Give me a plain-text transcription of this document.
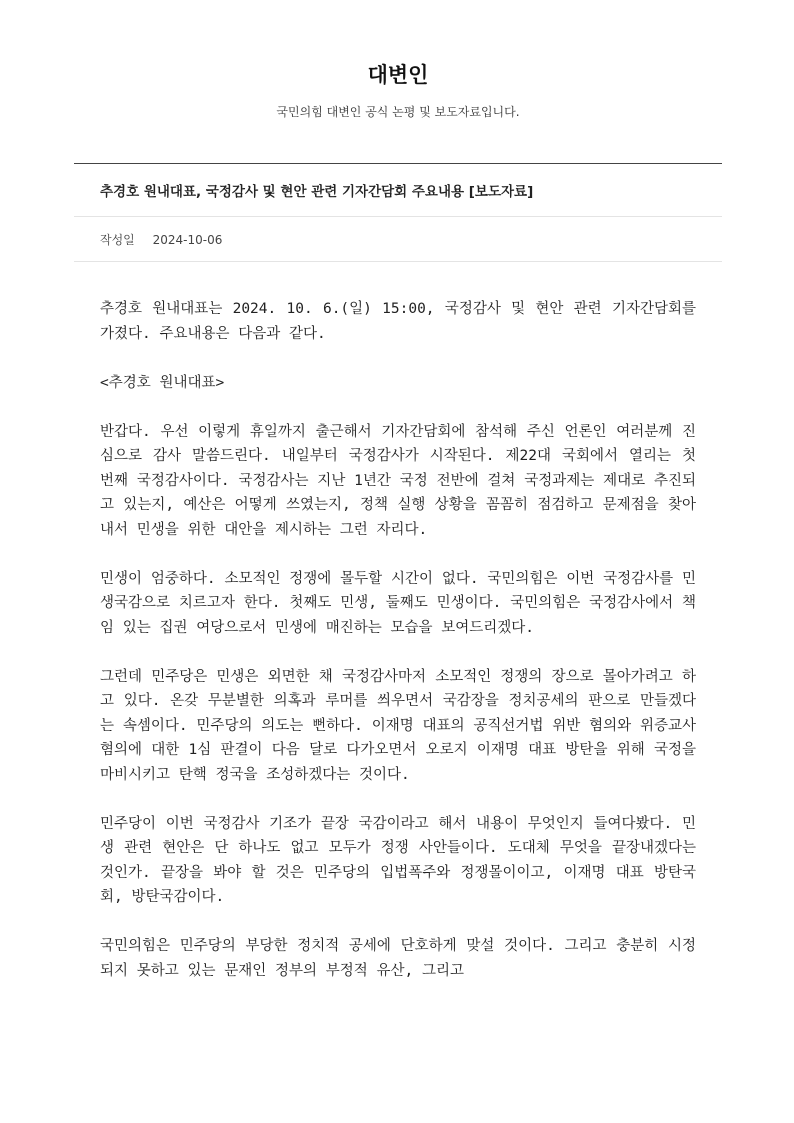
대변인
국민의힘 대변인 공식 논평 및 보도자료입니다.
추경호 원내대표, 국정감사 및 현안 관련 기자간담회 주요내용 [보도자료]
작성일 2024-10-06

추경호 원내대표는 2024. 10. 6.(일) 15:00, 국정감사 및 현안 관련 기자간담회를 가졌다. 주요내용은 다음과 같다.

<추경호 원내대표>

반갑다. 우선 이렇게 휴일까지 출근해서 기자간담회에 참석해 주신 언론인 여러분께 진심으로 감사 말씀드린다. 내일부터 국정감사가 시작된다. 제22대 국회에서 열리는 첫 번째 국정감사이다. 국정감사는 지난 1년간 국정 전반에 걸쳐 국정과제는 제대로 추진되고 있는지, 예산은 어떻게 쓰였는지, 정책 실행 상황을 꼼꼼히 점검하고 문제점을 찾아내서 민생을 위한 대안을 제시하는 그런 자리다.

민생이 엄중하다. 소모적인 정쟁에 몰두할 시간이 없다. 국민의힘은 이번 국정감사를 민생국감으로 치르고자 한다. 첫째도 민생, 둘째도 민생이다. 국민의힘은 국정감사에서 책임 있는 집권 여당으로서 민생에 매진하는 모습을 보여드리겠다.

그런데 민주당은 민생은 외면한 채 국정감사마저 소모적인 정쟁의 장으로 몰아가려고 하고 있다. 온갖 무분별한 의혹과 루머를 씌우면서 국감장을 정치공세의 판으로 만들겠다는 속셈이다. 민주당의 의도는 뻔하다. 이재명 대표의 공직선거법 위반 혐의와 위증교사 혐의에 대한 1심 판결이 다음 달로 다가오면서 오로지 이재명 대표 방탄을 위해 국정을 마비시키고 탄핵 정국을 조성하겠다는 것이다.

민주당이 이번 국정감사 기조가 끝장 국감이라고 해서 내용이 무엇인지 들여다봤다. 민생 관련 현안은 단 하나도 없고 모두가 정쟁 사안들이다. 도대체 무엇을 끝장내겠다는 것인가. 끝장을 봐야 할 것은 민주당의 입법폭주와 정쟁몰이이고, 이재명 대표 방탄국회, 방탄국감이다.

국민의힘은 민주당의 부당한 정치적 공세에 단호하게 맞설 것이다. 그리고 충분히 시정되지 못하고 있는 문재인 정부의 부정적 유산, 그리고
